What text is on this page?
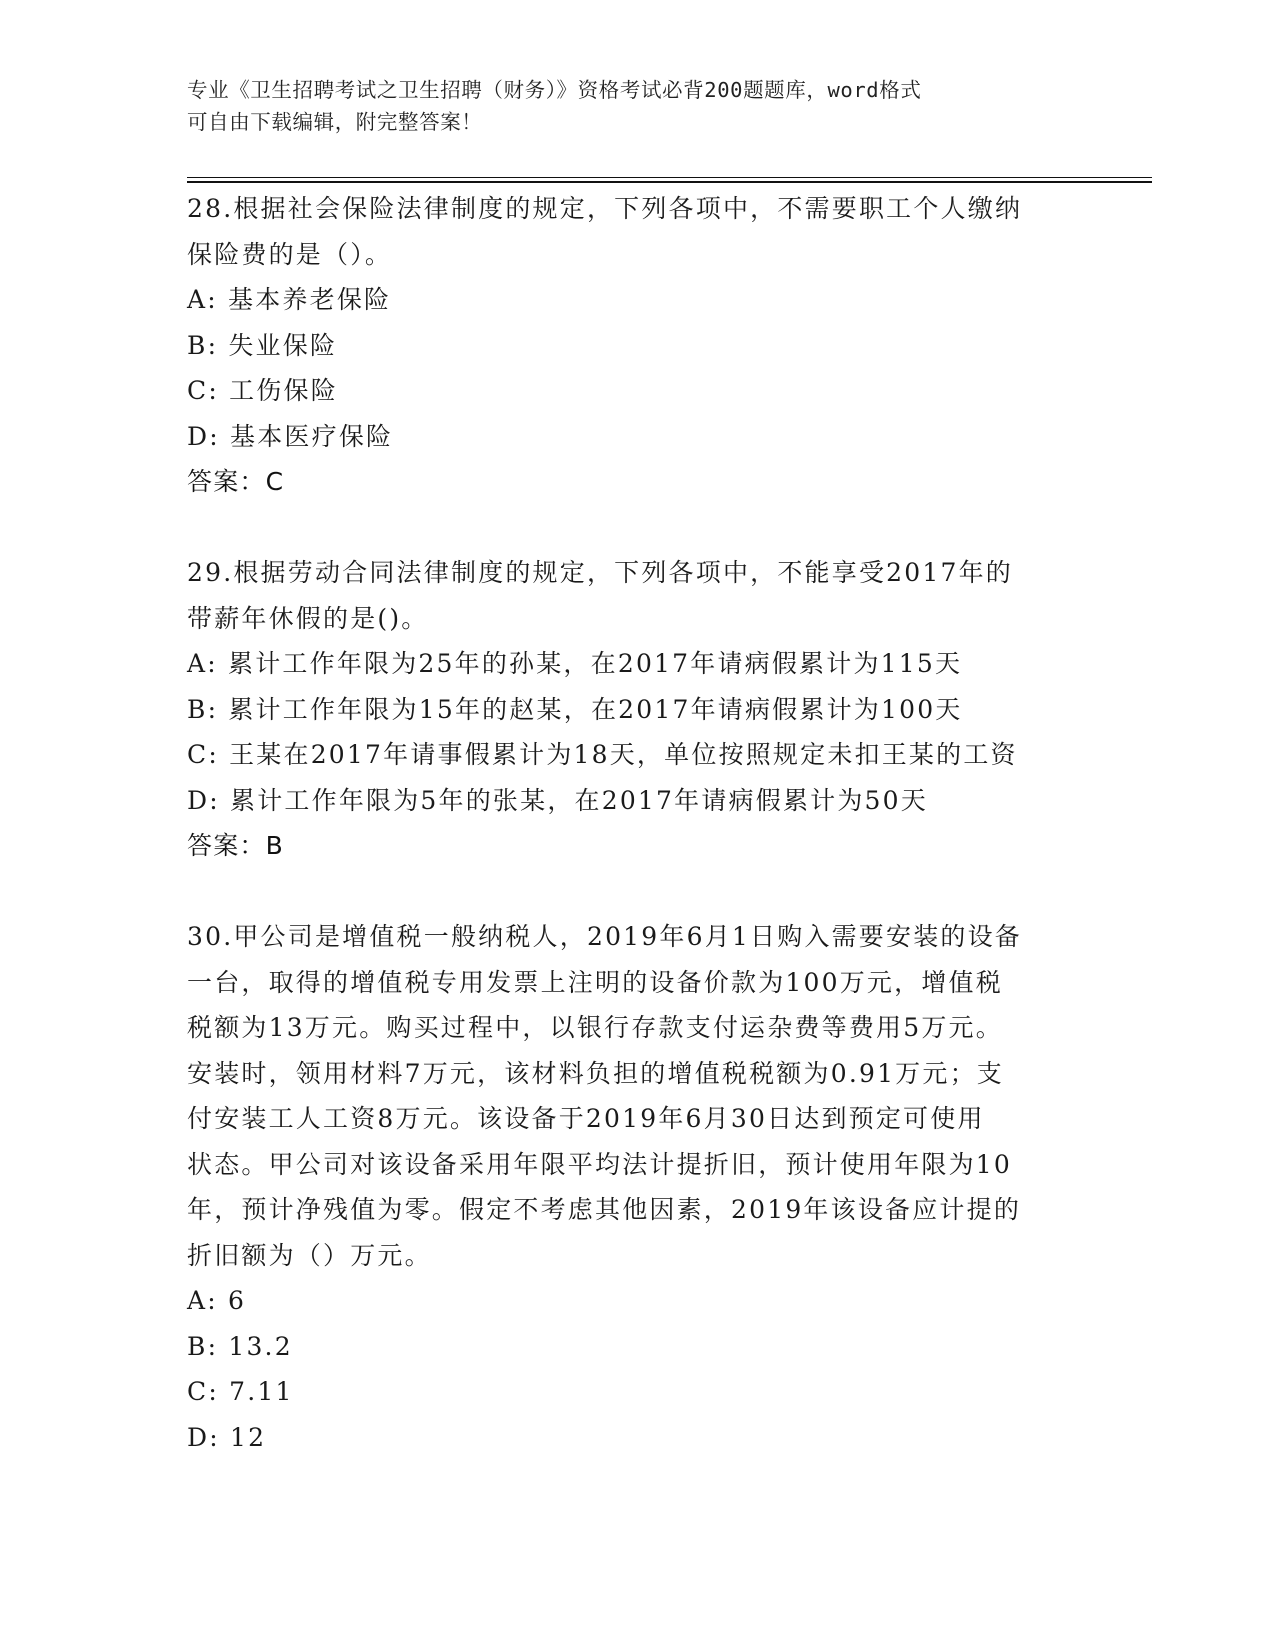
专业《卫生招聘考试之卫生招聘（财务）》资格考试必背200题题库，word格式
可自由下载编辑，附完整答案！
28.根据社会保险法律制度的规定，下列各项中，不需要职工个人缴纳
保险费的是（）。
A: 基本养老保险
B: 失业保险
C: 工伤保险
D: 基本医疗保险
答案：C
29.根据劳动合同法律制度的规定，下列各项中，不能享受2017年的
带薪年休假的是()。
A: 累计工作年限为25年的孙某，在2017年请病假累计为115天
B: 累计工作年限为15年的赵某，在2017年请病假累计为100天
C: 王某在2017年请事假累计为18天，单位按照规定未扣王某的工资
D: 累计工作年限为5年的张某，在2017年请病假累计为50天
答案：B
30.甲公司是增值税一般纳税人，2019年6月1日购入需要安装的设备
一台，取得的增值税专用发票上注明的设备价款为100万元，增值税
税额为13万元。购买过程中，以银行存款支付运杂费等费用5万元。
安装时，领用材料7万元，该材料负担的增值税税额为0.91万元；支
付安装工人工资8万元。该设备于2019年6月30日达到预定可使用
状态。甲公司对该设备采用年限平均法计提折旧，预计使用年限为10
年，预计净残值为零。假定不考虑其他因素，2019年该设备应计提的
折旧额为（）万元。
A: 6
B: 13.2
C: 7.11
D: 12
